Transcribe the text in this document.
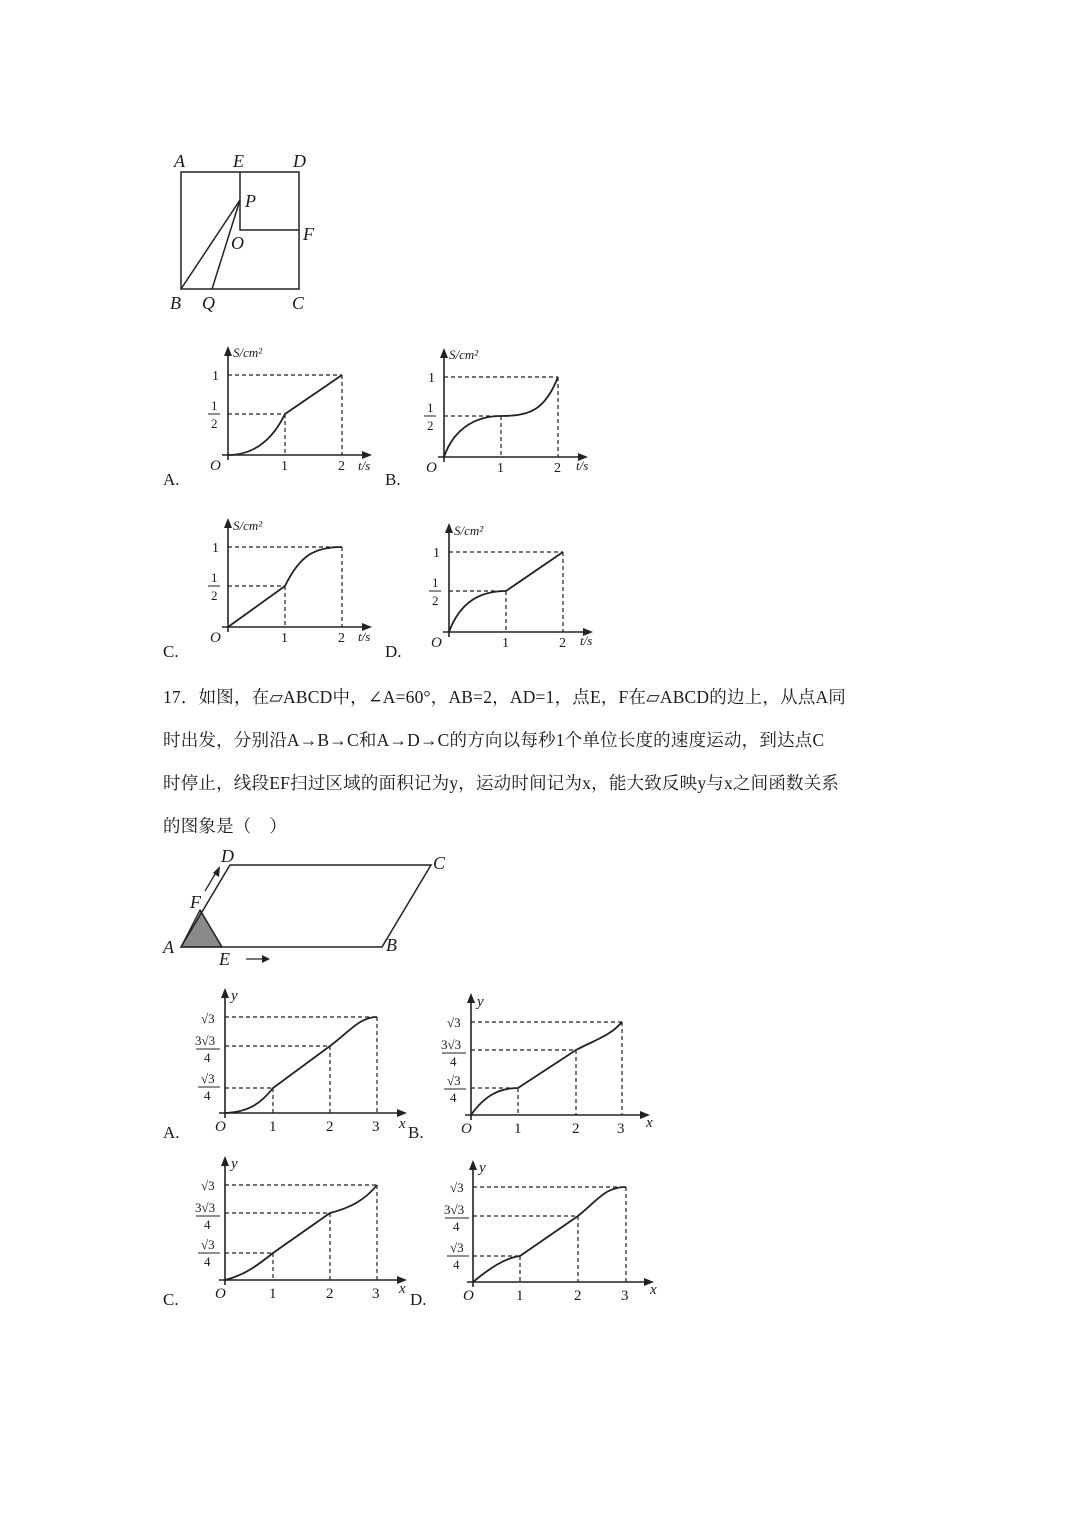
A	E	D
P
O	F
B Q	C
S/cm²
1
1
2
O	1	2 t/s
A.
S/cm²
1
1
2
O	1	2 t/s
B.
S/cm²
1
1
2
O	1	2 t/s
C.
S/cm²
1
1
2
O	1	2 t/s
D.
17．如图，在▱ABCD中，∠A=60°，AB=2，AD=1，点E，F在▱ABCD的边上，从点A同
时出发，分别沿A→B→C和A→D→C的方向以每秒1个单位长度的速度运动，到达点C
时停止，线段EF扫过区域的面积记为y，运动时间记为x，能大致反映y与x之间函数关系
的图象是（　）
D	C
F
A
E
B
y
√3
3√3
4
√3
4
O	1	2	3 x
A.
y
√3
3√3
4
√3
4
O	1	2	3 x
B.
y
√3
3√3
4
√3
4
O	1	2	3 x
C.
y
√3
3√3
4
√3
4
O	1	2	3 x
D.
